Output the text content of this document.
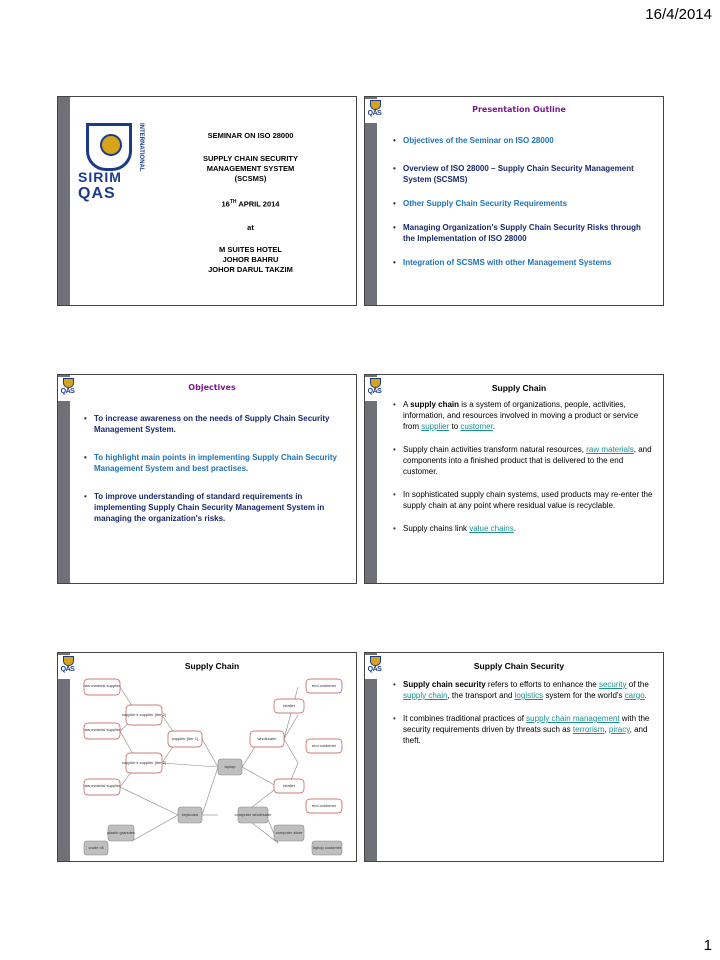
16/4/2014
SIRIM
QAS
INTERNATIONAL	SEMINAR ON ISO 28000
SUPPLY CHAIN SECURITY
MANAGEMENT SYSTEM
(SCSMS)
16TH APRIL 2014
at
M SUITES HOTEL
JOHOR BAHRU
JOHOR DARUL TAKZIM
QAS	Presentation Outline
• Objectives of the Seminar on ISO 28000
• Overview of ISO 28000 – Supply Chain Security Management System (SCSMS)
• Other Supply Chain Security Requirements
• Managing Organization's Supply Chain Security Risks through the Implementation of ISO 28000
• Integration of SCSMS with other Management Systems
QAS	Objectives
• To increase awareness on the needs of Supply Chain Security Management System.
• To highlight main points in implementing Supply Chain Security Management System and best practises.
• To improve understanding of standard requirements in implementing Supply Chain Security Management System in managing the organization's risks.
QAS	Supply Chain
• A supply chain is a system of organizations, people, activities, information, and resources involved in moving a product or service from supplier to customer.
• Supply chain activities transform natural resources, raw materials, and components into a finished product that is delivered to the end customer.
• In sophisticated supply chain systems, used products may re-enter the supply chain at any point where residual value is recyclable.
• Supply chains link value chains.
QAS	Supply Chain
raw material supplier
raw material supplier
raw material supplier
supplier's supplier (tier 2)
supplier's supplier (tier 2)
supplier (tier 1)
laptop
keyboard
plastic granules
crude oil
wholesaler
computer wholesaler
retailer
retailer
computer store
end customer
end customer
end customer
laptop customer
QAS	Supply Chain Security
• Supply chain security refers to efforts to enhance the security of the supply chain, the transport and logistics system for the world's cargo.
• It combines traditional practices of supply chain management with the security requirements driven by threats such as terrorism, piracy, and theft.
1
